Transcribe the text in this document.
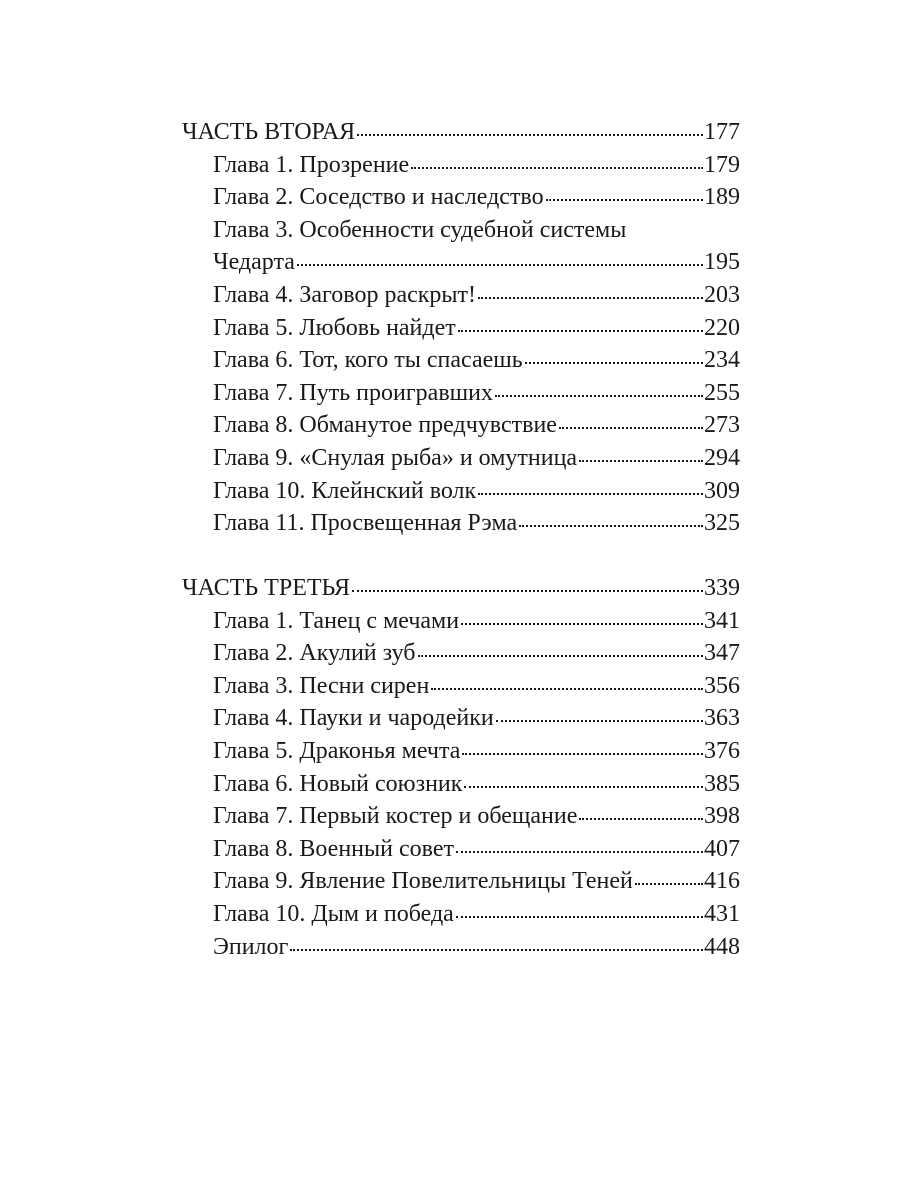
ЧАСТЬ ВТОРАЯ	177
Глава 1. Прозрение	179
Глава 2. Соседство и наследство	189
Глава 3. Особенности судебной системы
Чедарта	195
Глава 4. Заговор раскрыт!	203
Глава 5. Любовь найдет	220
Глава 6. Тот, кого ты спасаешь	234
Глава 7. Путь проигравших	255
Глава 8. Обманутое предчувствие	273
Глава 9. «Снулая рыба» и омутница	294
Глава 10. Клейнский волк	309
Глава 11. Просвещенная Рэма	325
ЧАСТЬ ТРЕТЬЯ	339
Глава 1. Танец с мечами	341
Глава 2. Акулий зуб	347
Глава 3. Песни сирен	356
Глава 4. Пауки и чародейки	363
Глава 5. Драконья мечта	376
Глава 6. Новый союзник	385
Глава 7. Первый костер и обещание	398
Глава 8. Военный совет	407
Глава 9. Явление Повелительницы Теней	416
Глава 10. Дым и победа	431
Эпилог	448
